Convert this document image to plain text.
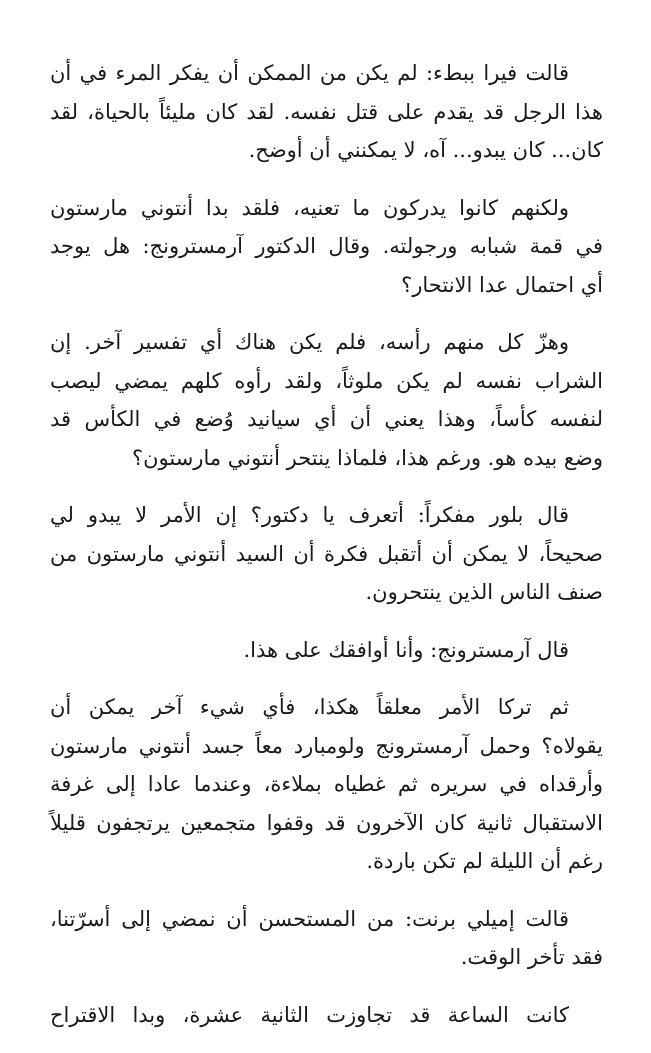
قالت فيرا ببطء: لم يكن من الممكن أن يفكر المرء في أن
هذا الرجل قد يقدم على قتل نفسه. لقد كان مليئاً بالحياة، لقد
كان... كان يبدو... آه، لا يمكنني أن أوضح.

ولكنهم كانوا يدركون ما تعنيه، فلقد بدا أنتوني مارستون
في قمة شبابه ورجولته. وقال الدكتور آرمسترونج: هل يوجد
أي احتمال عدا الانتحار؟

وهزّ كل منهم رأسه، فلم يكن هناك أي تفسير آخر. إن
الشراب نفسه لم يكن ملوثاً، ولقد رأوه كلهم يمضي ليصب
لنفسه كأساً، وهذا يعني أن أي سيانيد وُضع في الكأس قد
وضع بيده هو. ورغم هذا، فلماذا ينتحر أنتوني مارستون؟

قال بلور مفكراً: أتعرف يا دكتور؟ إن الأمر لا يبدو لي
صحيحاً، لا يمكن أن أتقبل فكرة أن السيد أنتوني مارستون من
صنف الناس الذين ينتحرون.

قال آرمسترونج: وأنا أوافقك على هذا.

ثم تركا الأمر معلقاً هكذا، فأي شيء آخر يمكن أن
يقولاه؟ وحمل آرمسترونج ولومبارد معاً جسد أنتوني مارستون
وأرقداه في سريره ثم غطياه بملاءة، وعندما عادا إلى غرفة
الاستقبال ثانية كان الآخرون قد وقفوا متجمعين يرتجفون قليلاً
رغم أن الليلة لم تكن باردة.

قالت إميلي برنت: من المستحسن أن نمضي إلى أسرّتنا،
فقد تأخر الوقت.

كانت الساعة قد تجاوزت الثانية عشرة، وبدا الاقتراح
